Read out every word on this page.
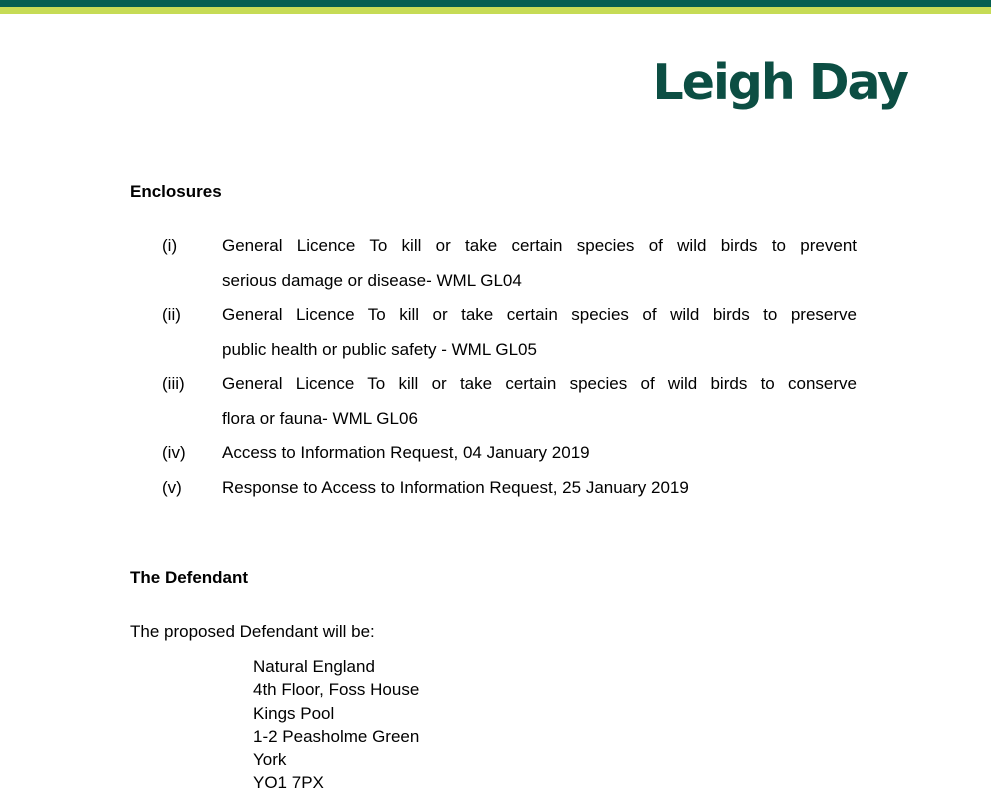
Leigh Day
Enclosures
(i)	General Licence To kill or take certain species of wild birds to prevent
serious damage or disease- WML GL04
(ii)	General Licence To kill or take certain species of wild birds to preserve
public health or public safety - WML GL05
(iii)	General Licence To kill or take certain species of wild birds to conserve
flora or fauna- WML GL06
(iv)	Access to Information Request, 04 January 2019
(v)	Response to Access to Information Request, 25 January 2019
The Defendant
The proposed Defendant will be:
Natural England
4th Floor, Foss House
Kings Pool
1-2 Peasholme Green
York
YO1 7PX
